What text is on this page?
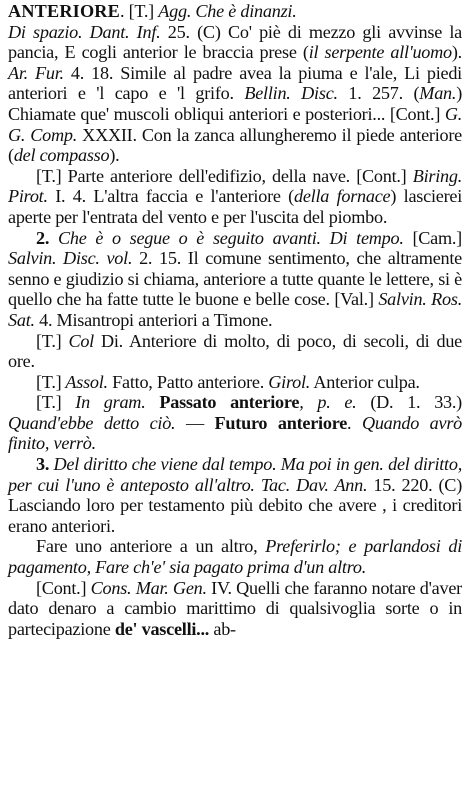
ANTERIORE. [T.] Agg. Che è dinanzi.
Di spazio. Dant. Inf. 25. (C) Co' piè di mezzo gli avvinse la pancia, E cogli anterior le braccia prese (il serpente all'uomo). Ar. Fur. 4. 18. Simile al padre avea la piuma e l'ale, Li piedi anteriori e 'l capo e 'l grifo. Bellin. Disc. 1. 257. (Man.) Chiamate que' muscoli obliqui anteriori e posteriori... [Cont.] G. G. Comp. XXXII. Con la zanca allungheremo il piede anteriore (del compasso).

[T.] Parte anteriore dell'edifizio, della nave. [Cont.] Biring. Pirot. I. 4. L'altra faccia e l'anteriore (della fornace) lascierei aperte per l'entrata del vento e per l'uscita del piombo.

2. Che è o segue o è seguito avanti. Di tempo. [Cam.] Salvin. Disc. vol. 2. 15. Il comune sentimento, che altramente senno e giudizio si chiama, anteriore a tutte quante le lettere, si è quello che ha fatte tutte le buone e belle cose. [Val.] Salvin. Ros. Sat. 4. Misantropi anteriori a Timone.

[T.] Col Di. Anteriore di molto, di poco, di secoli, di due ore.

[T.] Assol. Fatto, Patto anteriore. Girol. Anterior culpa.

[T.] In gram. Passato anteriore, p. e. (D. 1. 33.) Quand'ebbe detto ciò. — Futuro anteriore. Quando avrò finito, verrò.

3. Del diritto che viene dal tempo. Ma poi in gen. del diritto, per cui l'uno è anteposto all'altro. Tac. Dav. Ann. 15. 220. (C) Lasciando loro per testamento più debito che avere , i creditori erano anteriori.

Fare uno anteriore a un altro, Preferirlo; e parlandosi di pagamento, Fare ch'e' sia pagato prima d'un altro.

[Cont.] Cons. Mar. Gen. IV. Quelli che faranno notare d'aver dato denaro a cambio marittimo di qualsivoglia sorte o in partecipazione de' vascelli... ab-
